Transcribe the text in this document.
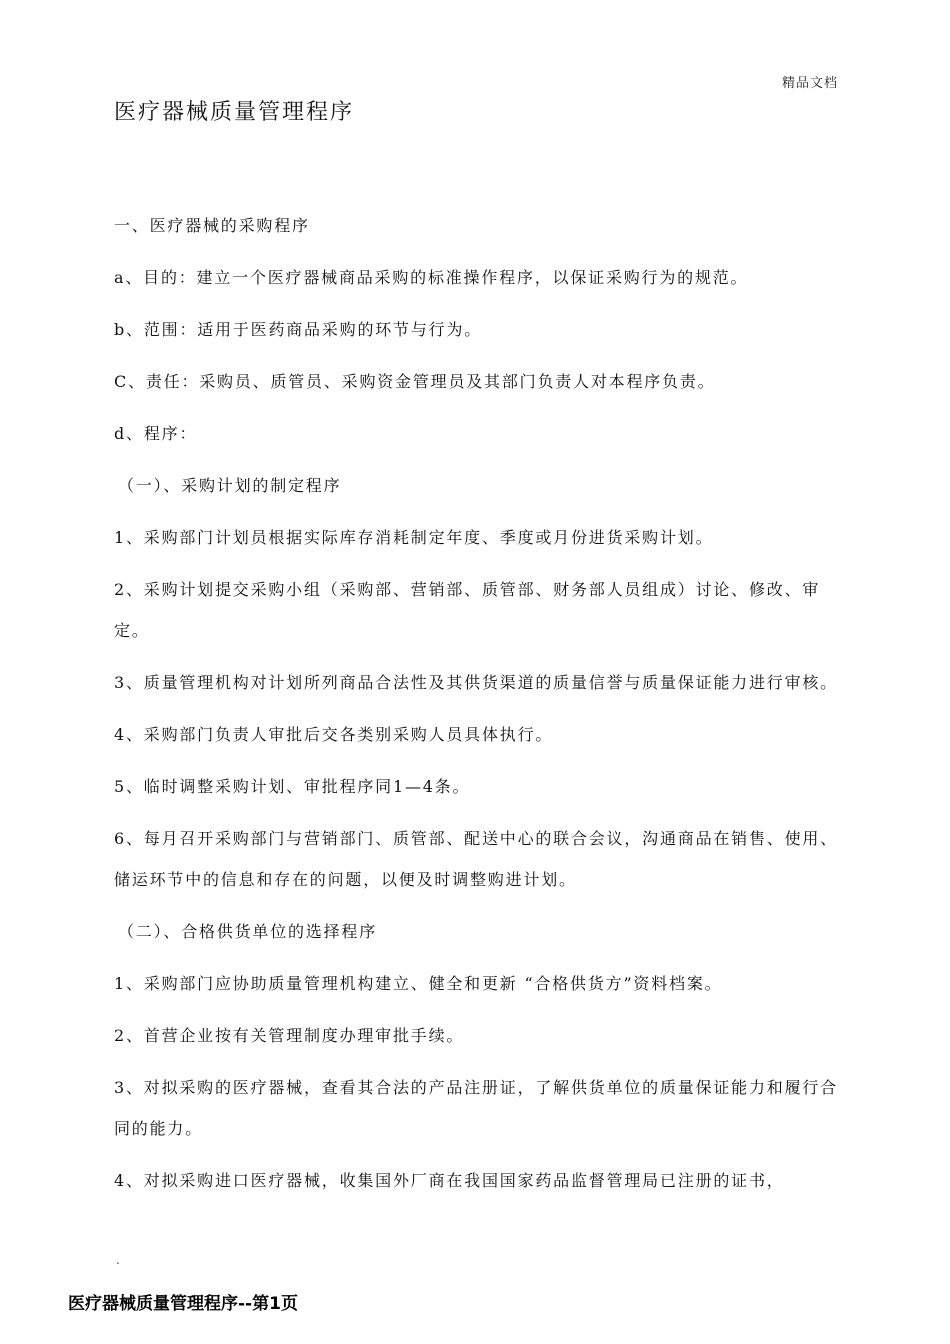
精品文档
医疗器械质量管理程序

一、医疗器械的采购程序

a、目的：建立一个医疗器械商品采购的标准操作程序，以保证采购行为的规范。

b、范围：适用于医药商品采购的环节与行为。

C、责任：采购员、质管员、采购资金管理员及其部门负责人对本程序负责。

d、程序：

（一）、采购计划的制定程序

1、采购部门计划员根据实际库存消耗制定年度、季度或月份进货采购计划。

2、采购计划提交采购小组（采购部、营销部、质管部、财务部人员组成）讨论、修改、审定。

3、质量管理机构对计划所列商品合法性及其供货渠道的质量信誉与质量保证能力进行审核。

4、采购部门负责人审批后交各类别采购人员具体执行。

5、临时调整采购计划、审批程序同1—4条。

6、每月召开采购部门与营销部门、质管部、配送中心的联合会议，沟通商品在销售、使用、储运环节中的信息和存在的问题，以便及时调整购进计划。

（二）、合格供货单位的选择程序

1、采购部门应协助质量管理机构建立、健全和更新 “合格供货方”资料档案。

2、首营企业按有关管理制度办理审批手续。

3、对拟采购的医疗器械，查看其合法的产品注册证，了解供货单位的质量保证能力和履行合同的能力。

4、对拟采购进口医疗器械，收集国外厂商在我国国家药品监督管理局已注册的证书，

.
医疗器械质量管理程序--第1页
